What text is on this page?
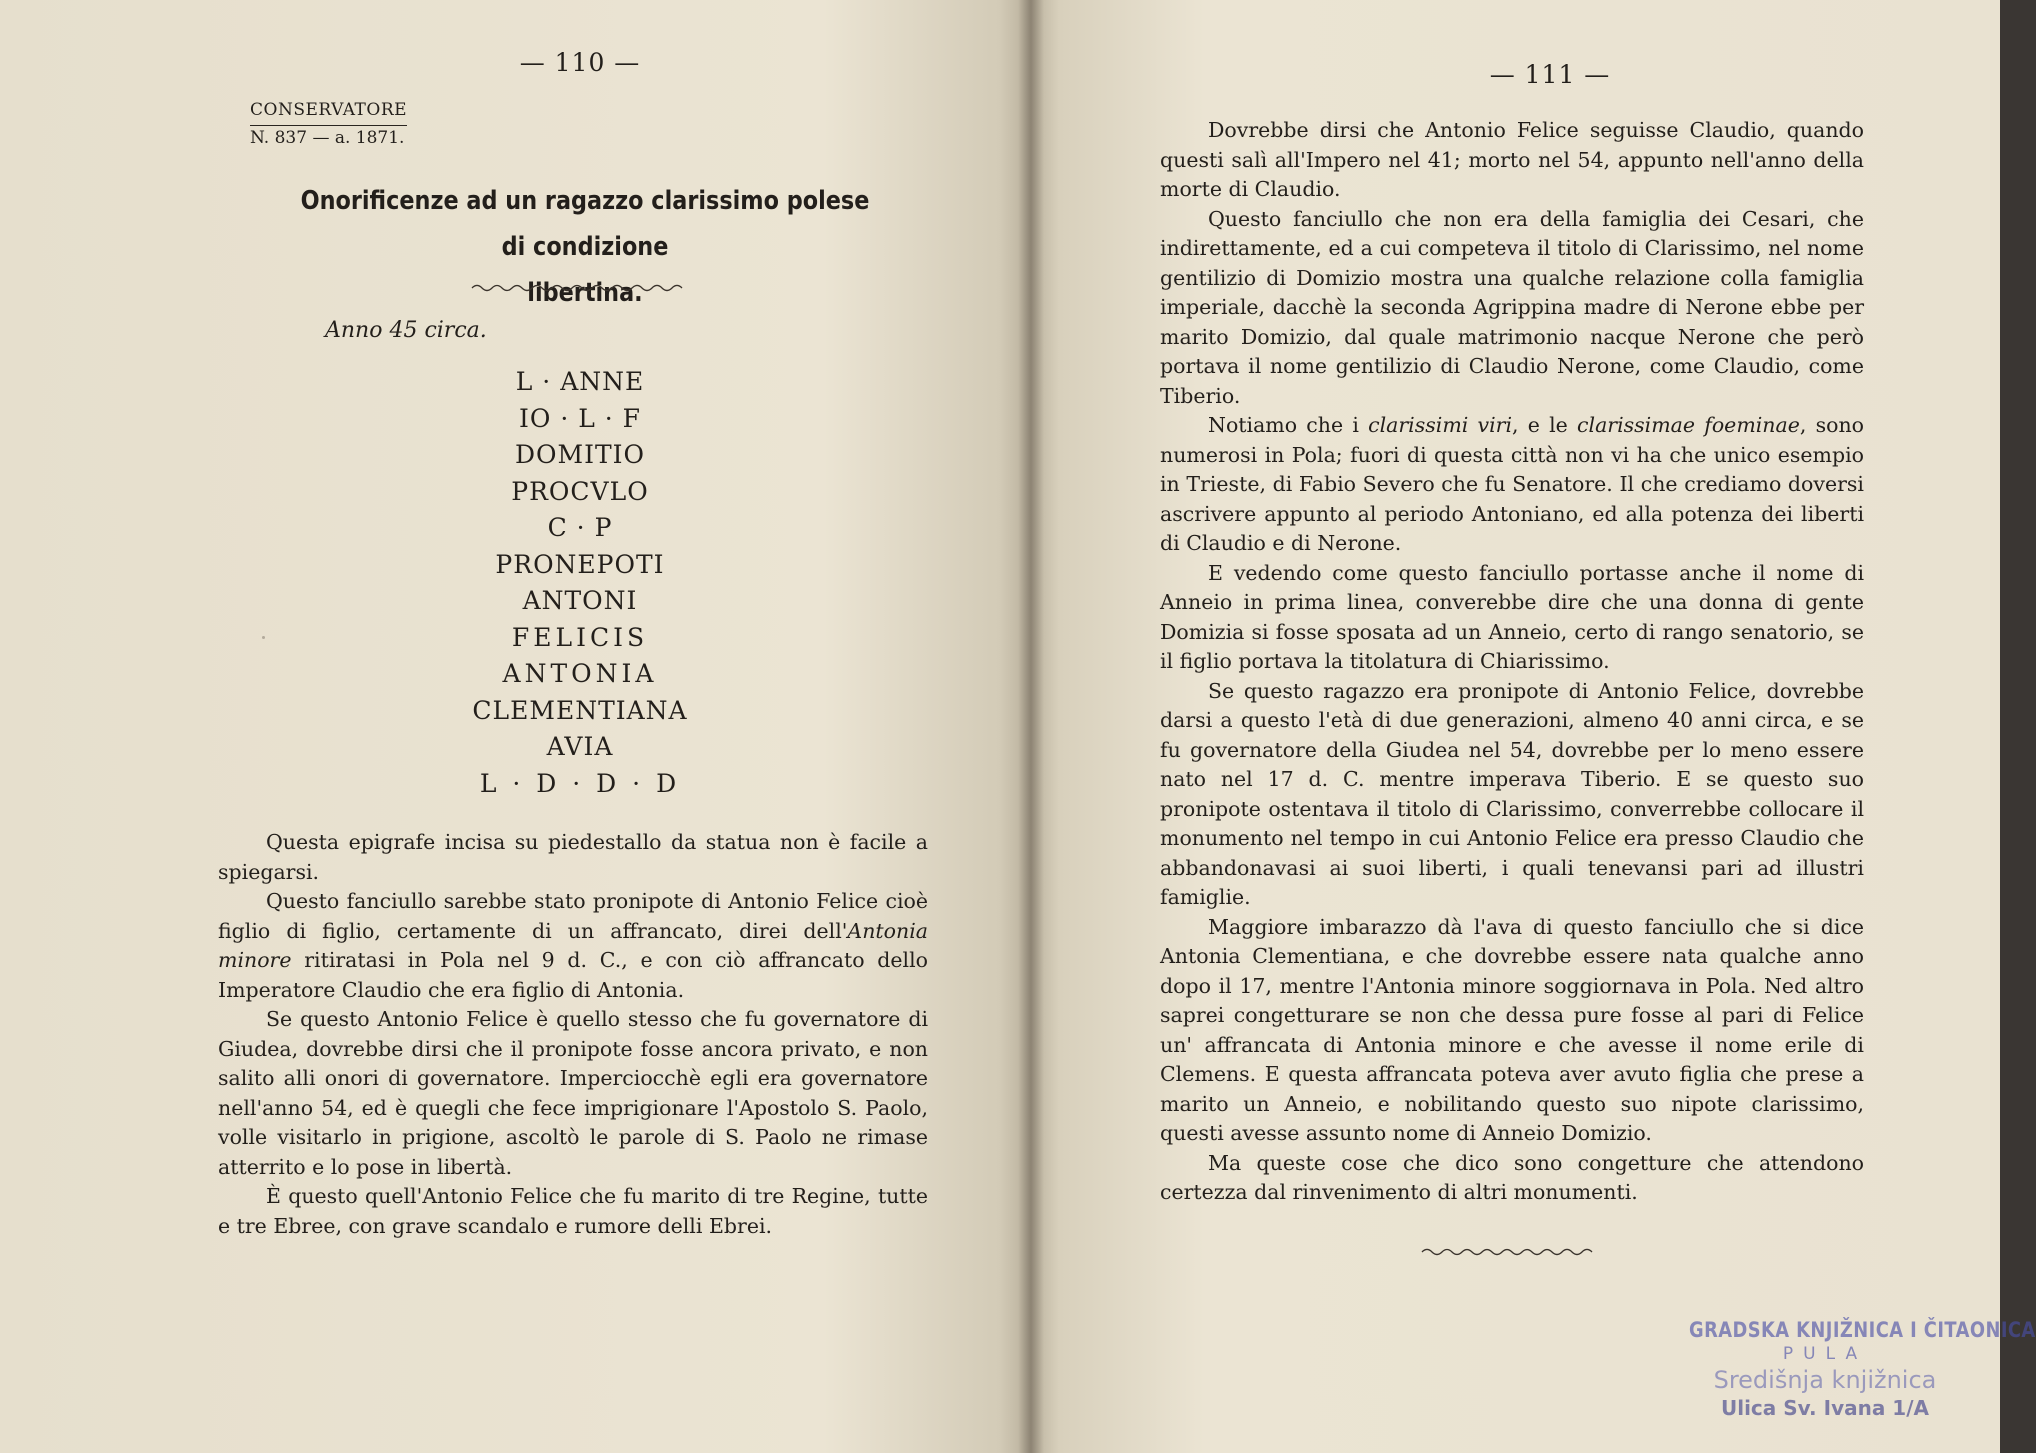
— 110 —
CONSERVATORE
N. 837 — a. 1871.
Onorificenze ad un ragazzo clarissimo polese di condizione
libertina.
Anno 45 circa.
L · ANNE
IO · L · F
DOMITIO
PROCVLO
C · P
PRONEPOTI
ANTONI
FELICIS
ANTONIA
CLEMENTIANA
AVIA
L · D · D · D

Questa epigrafe incisa su piedestallo da statua non è facile a spiegarsi.

Questo fanciullo sarebbe stato pronipote di Antonio Felice cioè figlio di figlio, certamente di un affrancato, direi dell'Antonia minore ritiratasi in Pola nel 9 d. C., e con ciò affrancato dello Imperatore Claudio che era figlio di Antonia.

Se questo Antonio Felice è quello stesso che fu governatore di Giudea, dovrebbe dirsi che il pronipote fosse ancora privato, e non salito alli onori di governatore. Imperciocchè egli era governatore nell'anno 54, ed è quegli che fece imprigionare l'Apostolo S. Paolo, volle visitarlo in prigione, ascoltò le parole di S. Paolo ne rimase atterrito e lo pose in libertà.

È questo quell'Antonio Felice che fu marito di tre Regine, tutte e tre Ebree, con grave scandalo e rumore delli Ebrei.

— 111 —

Dovrebbe dirsi che Antonio Felice seguisse Claudio, quando questi salì all'Impero nel 41; morto nel 54, appunto nell'anno della morte di Claudio.

Questo fanciullo che non era della famiglia dei Cesari, che indirettamente, ed a cui competeva il titolo di Clarissimo, nel nome gentilizio di Domizio mostra una qualche relazione colla famiglia imperiale, dacchè la seconda Agrippina madre di Nerone ebbe per marito Domizio, dal quale matrimonio nacque Nerone che però portava il nome gentilizio di Claudio Nerone, come Claudio, come Tiberio.

Notiamo che i clarissimi viri, e le clarissimae foeminae, sono numerosi in Pola; fuori di questa città non vi ha che unico esempio in Trieste, di Fabio Severo che fu Senatore. Il che crediamo doversi ascrivere appunto al periodo Antoniano, ed alla potenza dei liberti di Claudio e di Nerone.

E vedendo come questo fanciullo portasse anche il nome di Anneio in prima linea, converebbe dire che una donna di gente Domizia si fosse sposata ad un Anneio, certo di rango senatorio, se il figlio portava la titolatura di Chiarissimo.

Se questo ragazzo era pronipote di Antonio Felice, dovrebbe darsi a questo l'età di due generazioni, almeno 40 anni circa, e se fu governatore della Giudea nel 54, dovrebbe per lo meno essere nato nel 17 d. C. mentre imperava Tiberio. E se questo suo pronipote ostentava il titolo di Clarissimo, converrebbe collocare il monumento nel tempo in cui Antonio Felice era presso Claudio che abbandonavasi ai suoi liberti, i quali tenevansi pari ad illustri famiglie.

Maggiore imbarazzo dà l'ava di questo fanciullo che si dice Antonia Clementiana, e che dovrebbe essere nata qualche anno dopo il 17, mentre l'Antonia minore soggiornava in Pola. Ned altro saprei congetturare se non che dessa pure fosse al pari di Felice un' affrancata di Antonia minore e che avesse il nome erile di Clemens. E questa affrancata poteva aver avuto figlia che prese a marito un Anneio, e nobilitando questo suo nipote clarissimo, questi avesse assunto nome di Anneio Domizio.

Ma queste cose che dico sono congetture che attendono certezza dal rinvenimento di altri monumenti.

GRADSKA KNJIŽNICA I ČITAONICA
PULA
Središnja knjižnica
Ulica Sv. Ivana 1/A
